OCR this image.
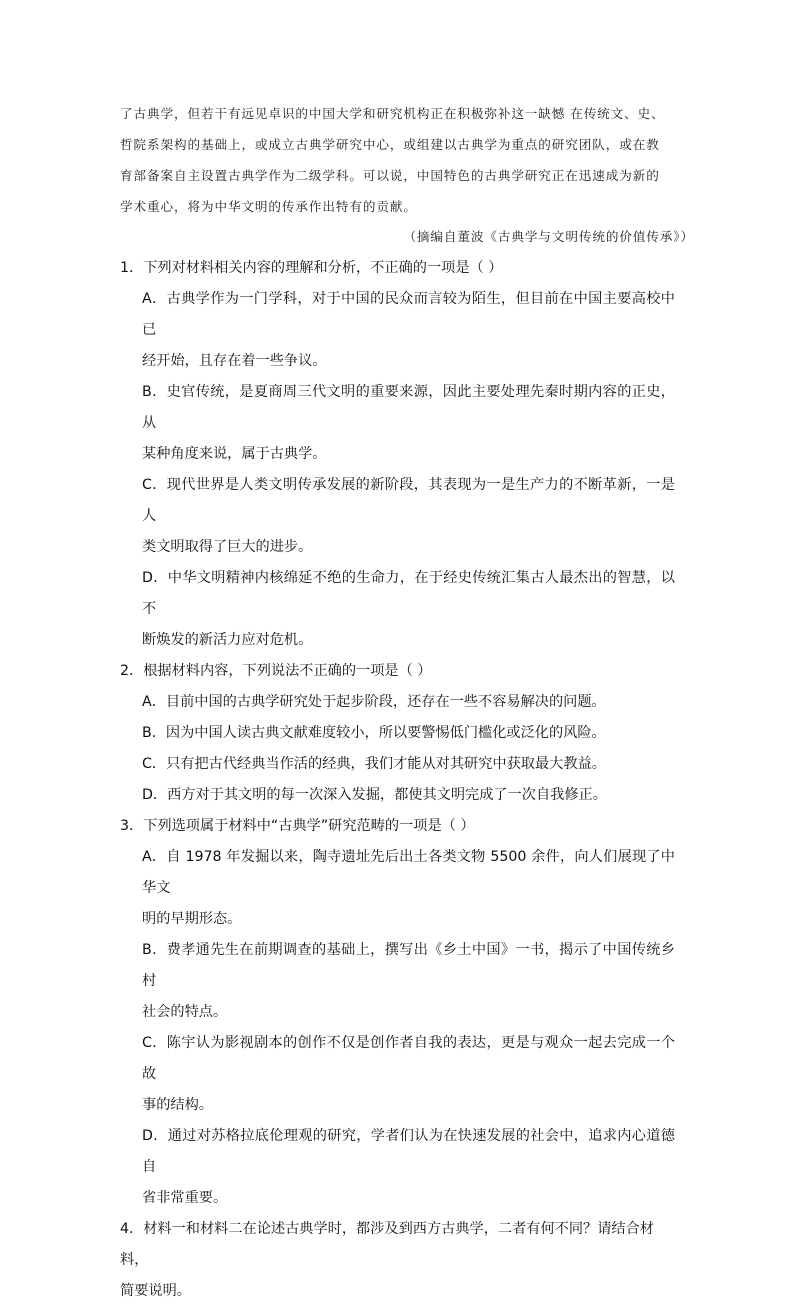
了古典学，但若干有远见卓识的中国大学和研究机构正在积极弥补这一缺憾 在传统文、史、

哲院系架构的基础上，或成立古典学研究中心，或组建以古典学为重点的研究团队，或在教

育部备案自主设置古典学作为二级学科。可以说，中国特色的古典学研究正在迅速成为新的

学术重心，将为中华文明的传承作出特有的贡献。

（摘编自董波《古典学与文明传统的价值传承》）
1．下列对材料相关内容的理解和分析，不正确的一项是（ ）
A．古典学作为一门学科，对于中国的民众而言较为陌生，但目前在中国主要高校中已
经开始，且存在着一些争议。
B．史官传统，是夏商周三代文明的重要来源，因此主要处理先秦时期内容的正史，从
某种角度来说，属于古典学。
C．现代世界是人类文明传承发展的新阶段，其表现为一是生产力的不断革新，一是人
类文明取得了巨大的进步。
D．中华文明精神内核绵延不绝的生命力，在于经史传统汇集古人最杰出的智慧，以不
断焕发的新活力应对危机。
2．根据材料内容，下列说法不正确的一项是（ ）
A．目前中国的古典学研究处于起步阶段，还存在一些不容易解决的问题。
B．因为中国人读古典文献难度较小，所以要警惕低门槛化或泛化的风险。
C．只有把古代经典当作活的经典，我们才能从对其研究中获取最大教益。
D．西方对于其文明的每一次深入发掘，都使其文明完成了一次自我修正。
3．下列选项属于材料中“古典学”研究范畴的一项是（ ）
A．自 1978 年发掘以来，陶寺遗址先后出土各类文物 5500 余件，向人们展现了中华文
明的早期形态。
B．费孝通先生在前期调查的基础上，撰写出《乡土中国》一书，揭示了中国传统乡村
社会的特点。
C．陈宇认为影视剧本的创作不仅是创作者自我的表达，更是与观众一起去完成一个故
事的结构。
D．通过对苏格拉底伦理观的研究，学者们认为在快速发展的社会中，追求内心道德自
省非常重要。
4．材料一和材料二在论述古典学时，都涉及到西方古典学，二者有何不同？请结合材料，
简要说明。
